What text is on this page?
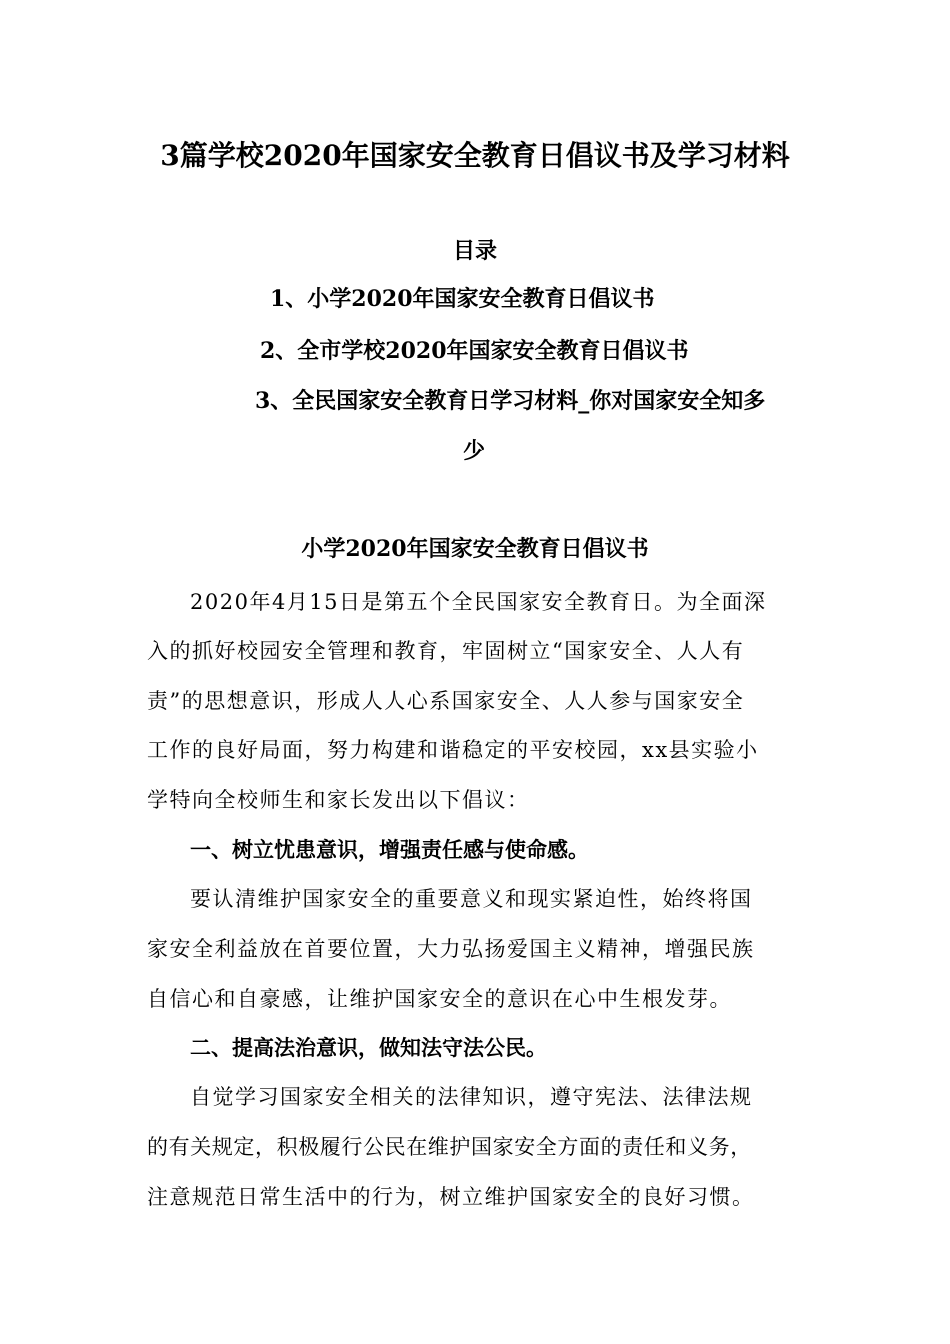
3篇学校2020年国家安全教育日倡议书及学习材料
目录
1、小学2020年国家安全教育日倡议书
2、全市学校2020年国家安全教育日倡议书
3、全民国家安全教育日学习材料_你对国家安全知多
少
小学2020年国家安全教育日倡议书
2020年4月15日是第五个全民国家安全教育日。为全面深
入的抓好校园安全管理和教育，牢固树立“国家安全、人人有
责”的思想意识，形成人人心系国家安全、人人参与国家安全
工作的良好局面，努力构建和谐稳定的平安校园，xx县实验小
学特向全校师生和家长发出以下倡议：
一、树立忧患意识，增强责任感与使命感。
要认清维护国家安全的重要意义和现实紧迫性，始终将国
家安全利益放在首要位置，大力弘扬爱国主义精神，增强民族
自信心和自豪感，让维护国家安全的意识在心中生根发芽。
二、提高法治意识，做知法守法公民。
自觉学习国家安全相关的法律知识，遵守宪法、法律法规
的有关规定，积极履行公民在维护国家安全方面的责任和义务，
注意规范日常生活中的行为，树立维护国家安全的良好习惯。
